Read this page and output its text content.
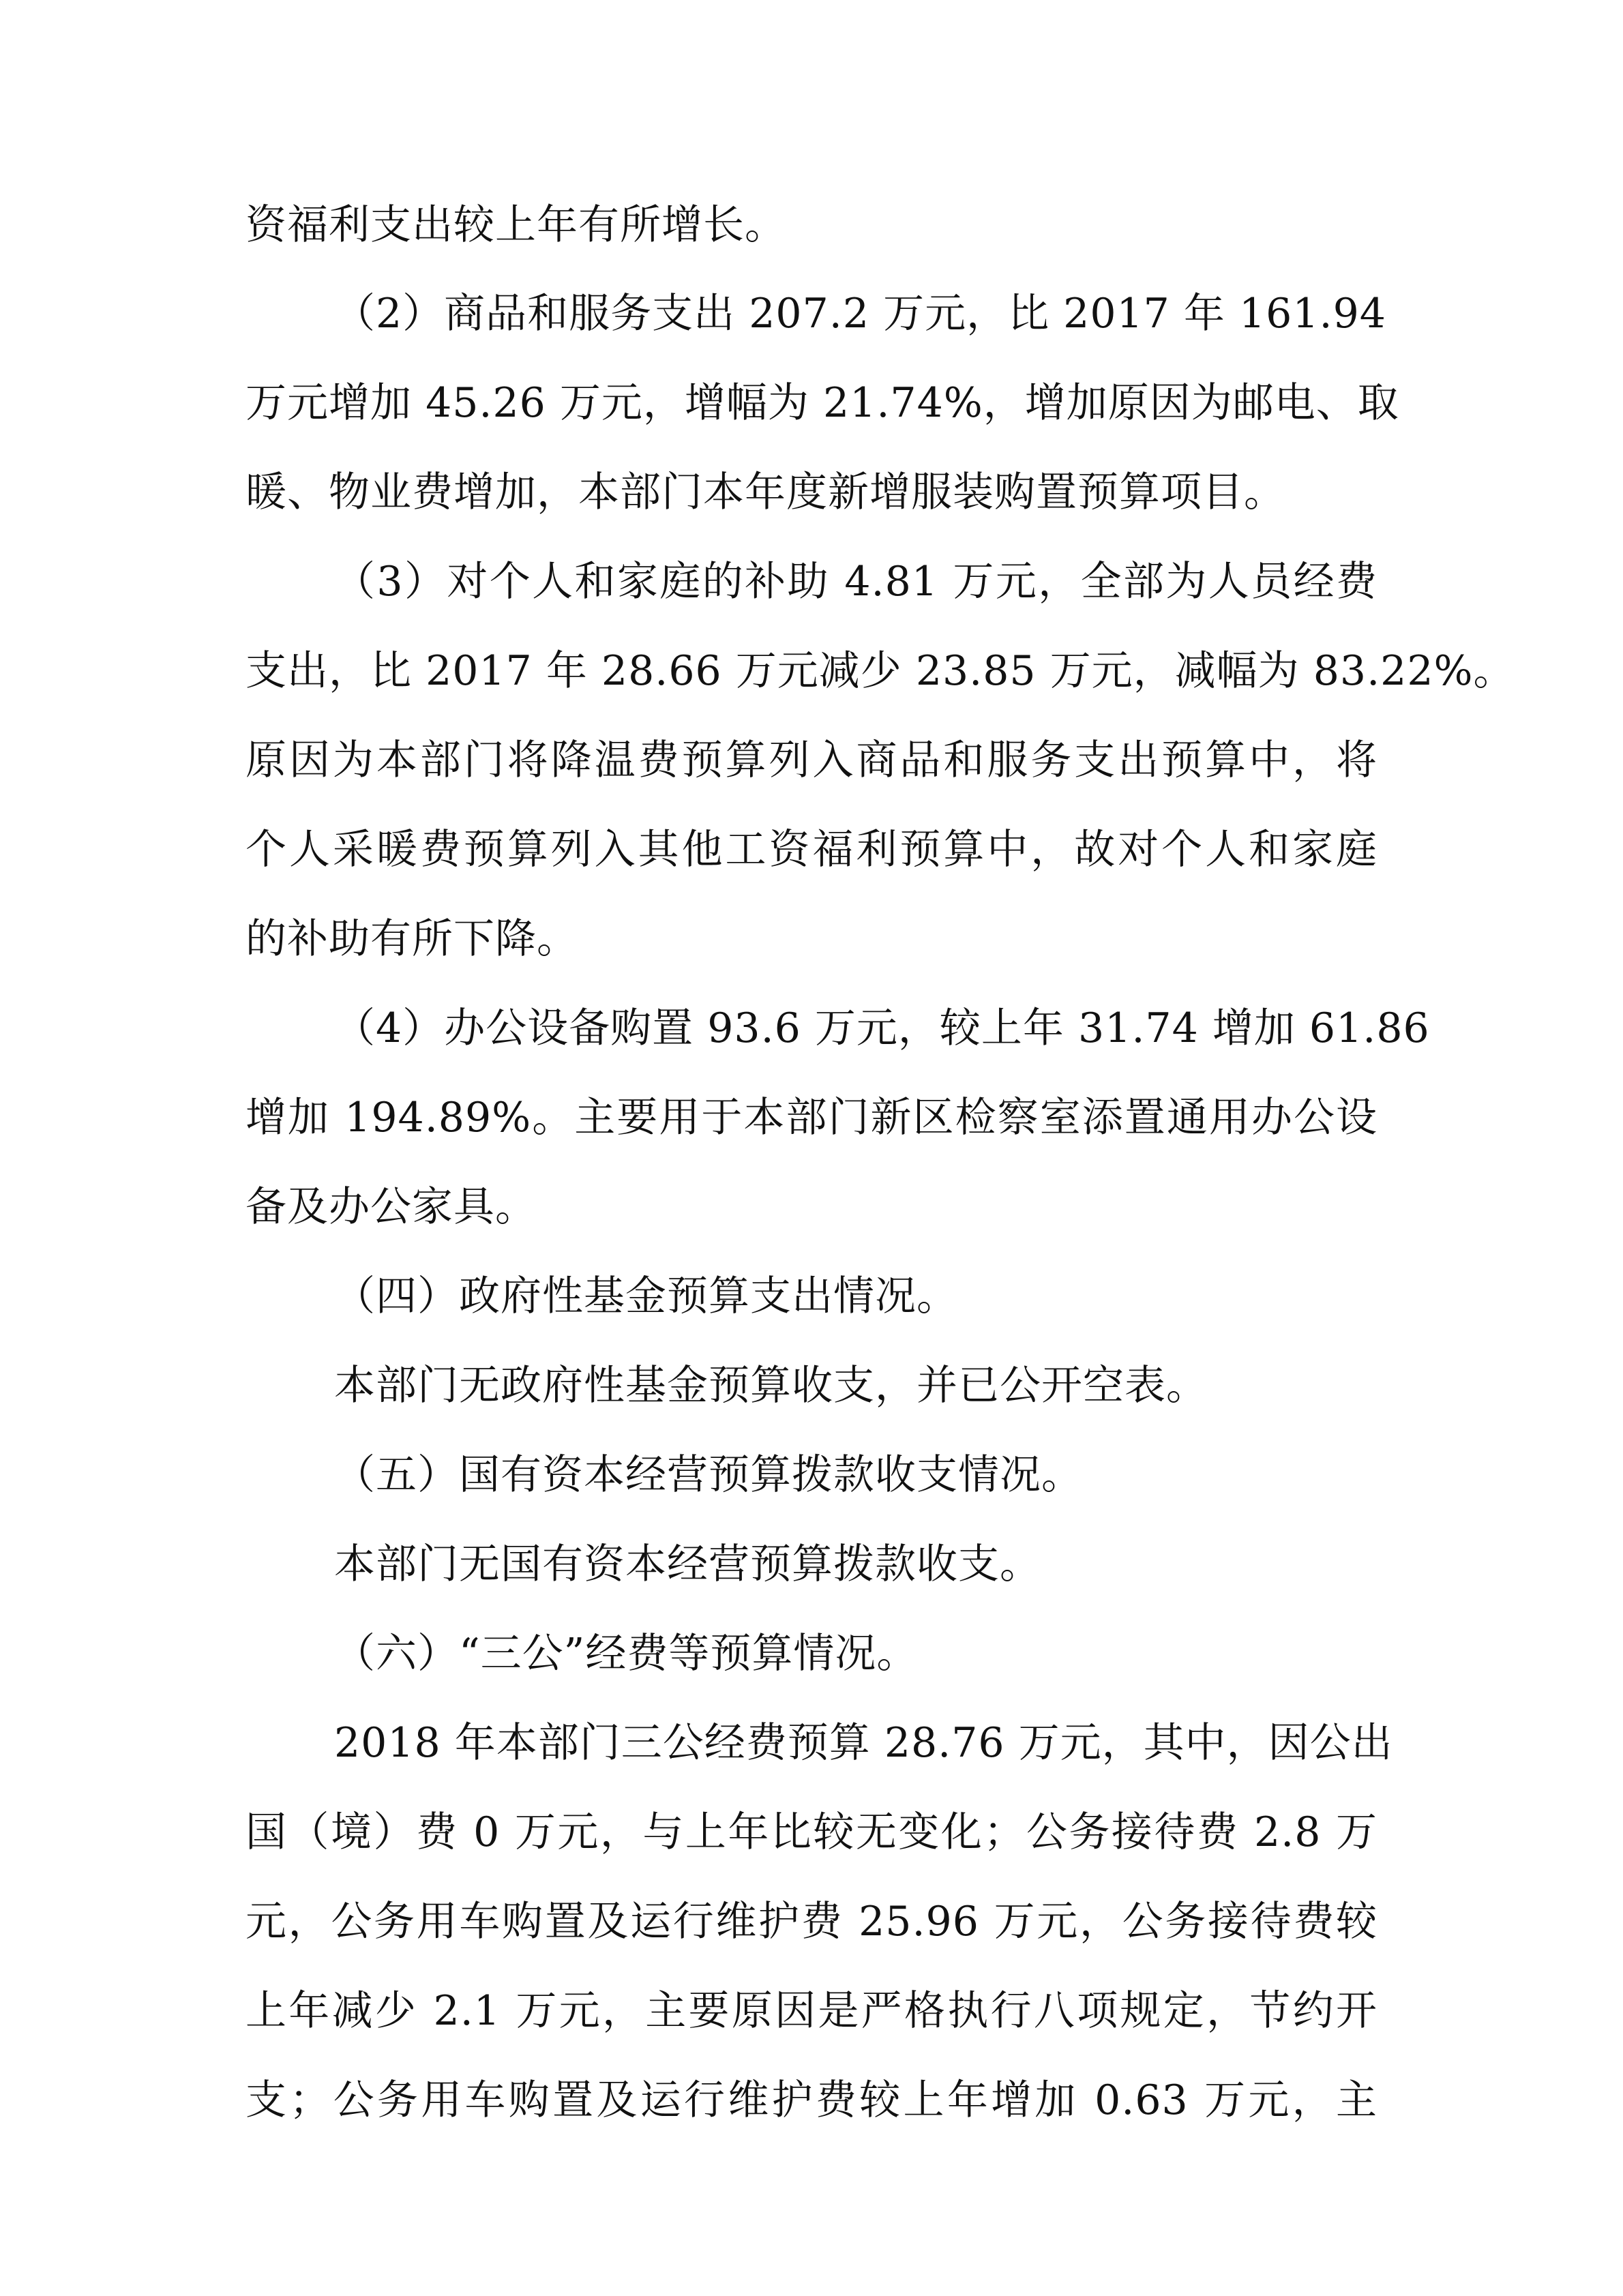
资福利支出较上年有所增长。

（2）商品和服务支出 207.2 万元，比 2017 年 161.94

万元增加 45.26 万元，增幅为 21.74%，增加原因为邮电、取

暖、物业费增加，本部门本年度新增服装购置预算项目。

（3）对个人和家庭的补助 4.81 万元，全部为人员经费

支出，比 2017 年 28.66 万元减少 23.85 万元，减幅为 83.22%。

原因为本部门将降温费预算列入商品和服务支出预算中，将

个人采暖费预算列入其他工资福利预算中，故对个人和家庭

的补助有所下降。

（4）办公设备购置 93.6 万元，较上年 31.74 增加 61.86

增加 194.89%。主要用于本部门新区检察室添置通用办公设

备及办公家具。

（四）政府性基金预算支出情况。

本部门无政府性基金预算收支，并已公开空表。

（五）国有资本经营预算拨款收支情况。

本部门无国有资本经营预算拨款收支。

（六）“三公”经费等预算情况。

2018 年本部门三公经费预算 28.76 万元，其中，因公出

国（境）费 0 万元，与上年比较无变化；公务接待费 2.8 万

元，公务用车购置及运行维护费 25.96 万元，公务接待费较

上年减少 2.1 万元，主要原因是严格执行八项规定，节约开

支；公务用车购置及运行维护费较上年增加 0.63 万元，主
